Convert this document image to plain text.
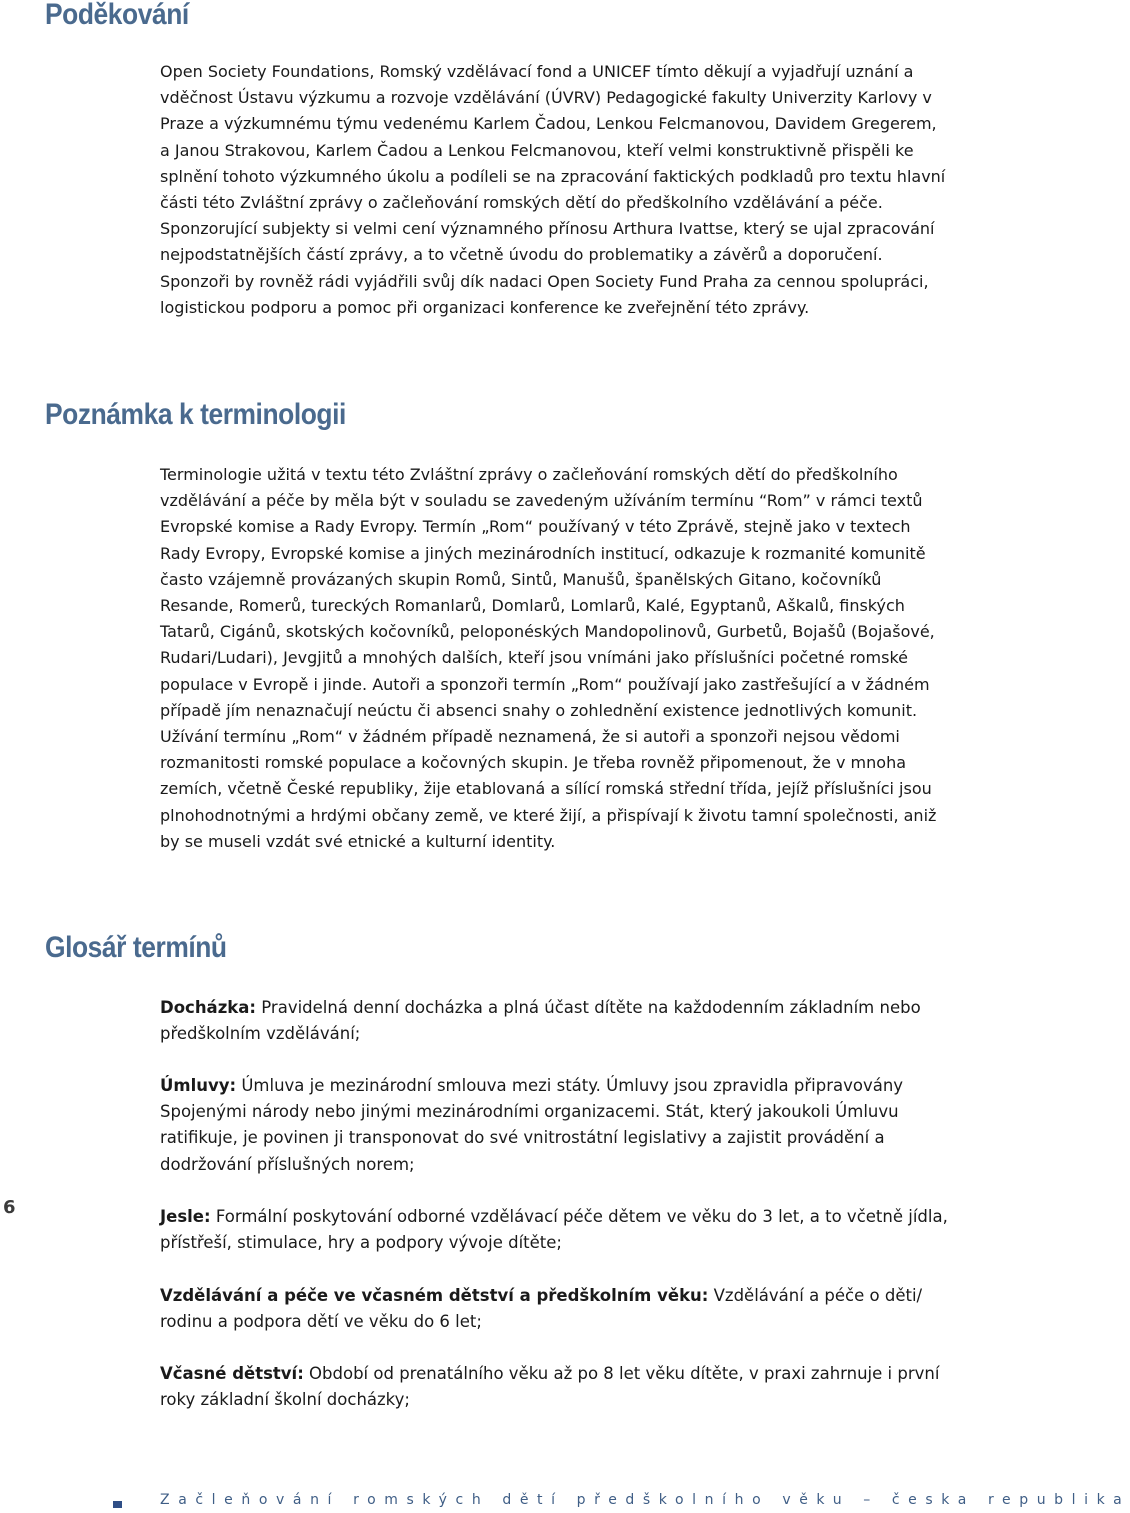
Poděkování

Open Society Foundations, Romský vzdělávací fond a UNICEF tímto děkují a vyjadřují uznání a vděčnost Ústavu výzkumu a rozvoje vzdělávání (ÚVRV) Pedagogické fakulty Univerzity Karlovy v Praze a výzkumnému týmu vedenému Karlem Čadou, Lenkou Felcmanovou, Davidem Gregerem, a Janou Strakovou, Karlem Čadou a Lenkou Felcmanovou, kteří velmi konstruktivně přispěli ke splnění tohoto výzkumného úkolu a podíleli se na zpracování faktických podkladů pro textu hlavní části této Zvláštní zprávy o začleňování romských dětí do předškolního vzdělávání a péče. Sponzorující subjekty si velmi cení významného přínosu Arthura Ivattse, který se ujal zpracování nejpodstatnějších částí zprávy, a to včetně úvodu do problematiky a závěrů a doporučení. Sponzoři by rovněž rádi vyjádřili svůj dík nadaci Open Society Fund Praha za cennou spolupráci, logistickou podporu a pomoc při organizaci konference ke zveřejnění této zprávy.

Poznámka k terminologii

Terminologie užitá v textu této Zvláštní zprávy o začleňování romských dětí do předškolního vzdělávání a péče by měla být v souladu se zavedeným užíváním termínu “Rom” v rámci textů Evropské komise a Rady Evropy. Termín „Rom“ používaný v této Zprávě, stejně jako v textech Rady Evropy, Evropské komise a jiných mezinárodních institucí, odkazuje k rozmanité komunitě často vzájemně provázaných skupin Romů, Sintů, Manušů, španělských Gitano, kočovníků Resande, Romerů, tureckých Romanlarů, Domlarů, Lomlarů, Kalé, Egyptanů, Aškalů, finských Tatarů, Cigánů, skotských kočovníků, peloponéských Mandopolinovů, Gurbetů, Bojašů (Bojašové, Rudari/Ludari), Jevgjitů a mnohých dalších, kteří jsou vnímáni jako příslušníci početné romské populace v Evropě i jinde. Autoři a sponzoři termín „Rom“ používají jako zastřešující a v žádném případě jím nenaznačují neúctu či absenci snahy o zohlednění existence jednotlivých komunit. Užívání termínu „Rom“ v žádném případě neznamená, že si autoři a sponzoři nejsou vědomi rozmanitosti romské populace a kočovných skupin. Je třeba rovněž připomenout, že v mnoha zemích, včetně České republiky, žije etablovaná a sílící romská střední třída, jejíž příslušníci jsou plnohodnotnými a hrdými občany země, ve které žijí, a přispívají k životu tamní společnosti, aniž by se museli vzdát své etnické a kulturní identity.

Glosář termínů
Docházka: Pravidelná denní docházka a plná účast dítěte na každodenním základním nebo předškolním vzdělávání;
Úmluvy: Úmluva je mezinárodní smlouva mezi státy. Úmluvy jsou zpravidla připravovány Spojenými národy nebo jinými mezinárodními organizacemi. Stát, který jakoukoli Úmluvu ratifikuje, je povinen ji transponovat do své vnitrostátní legislativy a zajistit provádění a dodržování příslušných norem;
Jesle: Formální poskytování odborné vzdělávací péče dětem ve věku do 3 let, a to včetně jídla, přístřeší, stimulace, hry a podpory vývoje dítěte;
Vzdělávání a péče ve včasném dětství a předškolním věku: Vzdělávání a péče o děti/ rodinu a podpora dětí ve věku do 6 let;
Včasné dětství: Období od prenatálního věku až po 8 let věku dítěte, v praxi zahrnuje i první roky základní školní docházky;
6
Začleňování romských dětí předškolního věku – česka republika
